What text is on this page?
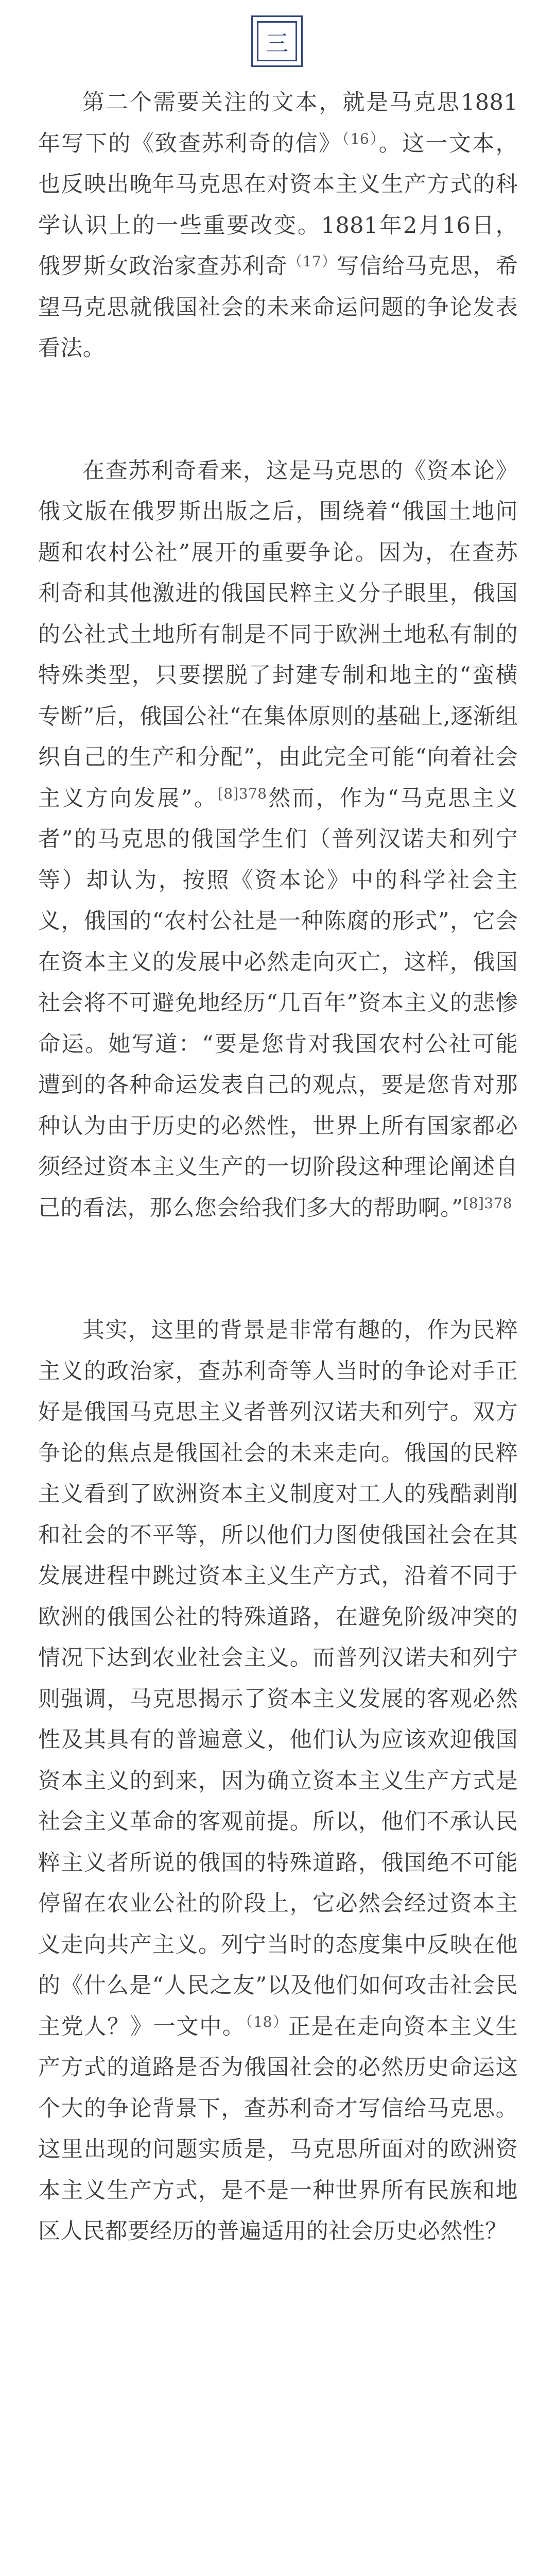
三

第二个需要关注的文本，就是马克思1881年写下的《致查苏利奇的信》$^{(16)}$。这一文本，也反映出晚年马克思在对资本主义生产方式的科学认识上的一些重要改变。1881年2月16日，俄罗斯女政治家查苏利奇$^{(17)}$写信给马克思，希望马克思就俄国社会的未来命运问题的争论发表看法。

在查苏利奇看来，这是马克思的《资本论》俄文版在俄罗斯出版之后，围绕着“俄国土地问题和农村公社”展开的重要争论。因为，在查苏利奇和其他激进的俄国民粹主义分子眼里，俄国的公社式土地所有制是不同于欧洲土地私有制的特殊类型，只要摆脱了封建专制和地主的“蛮横专断”后，俄国公社“在集体原则的基础上,逐渐组织自己的生产和分配”，由此完全可能“向着社会主义方向发展”。$^{[8]378}$然而，作为“马克思主义者”的马克思的俄国学生们（普列汉诺夫和列宁等）却认为，按照《资本论》中的科学社会主义，俄国的“农村公社是一种陈腐的形式”，它会在资本主义的发展中必然走向灭亡，这样，俄国社会将不可避免地经历“几百年”资本主义的悲惨命运。她写道：“要是您肯对我国农村公社可能遭到的各种命运发表自己的观点，要是您肯对那种认为由于历史的必然性，世界上所有国家都必须经过资本主义生产的一切阶段这种理论阐述自己的看法，那么您会给我们多大的帮助啊。”$^{[8]378}$

其实，这里的背景是非常有趣的，作为民粹主义的政治家，查苏利奇等人当时的争论对手正好是俄国马克思主义者普列汉诺夫和列宁。双方争论的焦点是俄国社会的未来走向。俄国的民粹主义看到了欧洲资本主义制度对工人的残酷剥削和社会的不平等，所以他们力图使俄国社会在其发展进程中跳过资本主义生产方式，沿着不同于欧洲的俄国公社的特殊道路，在避免阶级冲突的情况下达到农业社会主义。而普列汉诺夫和列宁则强调，马克思揭示了资本主义发展的客观必然性及其具有的普遍意义，他们认为应该欢迎俄国资本主义的到来，因为确立资本主义生产方式是社会主义革命的客观前提。所以，他们不承认民粹主义者所说的俄国的特殊道路，俄国绝不可能停留在农业公社的阶段上，它必然会经过资本主义走向共产主义。列宁当时的态度集中反映在他的《什么是“人民之友”以及他们如何攻击社会民主党人？》一文中。$^{(18)}$正是在走向资本主义生产方式的道路是否为俄国社会的必然历史命运这个大的争论背景下，查苏利奇才写信给马克思。这里出现的问题实质是，马克思所面对的欧洲资本主义生产方式，是不是一种世界所有民族和地区人民都要经历的普遍适用的社会历史必然性？
